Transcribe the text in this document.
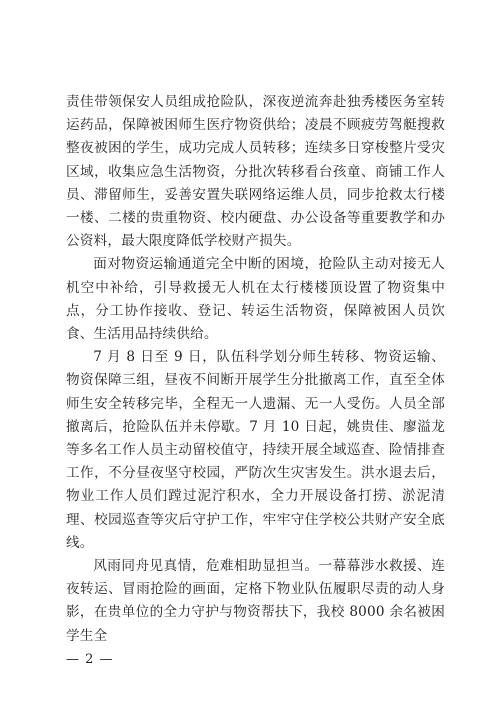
责佳带领保安人员组成抢险队，深夜逆流奔赴独秀楼医务室转运药品，保障被困师生医疗物资供给；凌晨不顾疲劳驾艇搜救整夜被困的学生，成功完成人员转移；连续多日穿梭整片受灾区域，收集应急生活物资，分批次转移看台孩童、商铺工作人员、滞留师生，妥善安置失联网络运维人员，同步抢救太行楼一楼、二楼的贵重物资、校内硬盘、办公设备等重要教学和办公资料，最大限度降低学校财产损失。

面对物资运输通道完全中断的困境，抢险队主动对接无人机空中补给，引导救援无人机在太行楼楼顶设置了物资集中点，分工协作接收、登记、转运生活物资，保障被困人员饮食、生活用品持续供给。

7 月 8 日至 9 日，队伍科学划分师生转移、物资运输、物资保障三组，昼夜不间断开展学生分批撤离工作，直至全体师生安全转移完毕，全程无一人遗漏、无一人受伤。人员全部撤离后，抢险队伍并未停歇。7 月 10 日起，姚贵佳、廖溢龙等多名工作人员主动留校值守，持续开展全域巡查、险情排查工作，不分昼夜坚守校园，严防次生灾害发生。洪水退去后，物业工作人员们蹚过泥泞积水，全力开展设备打捞、淤泥清理、校园巡查等灾后守护工作，牢牢守住学校公共财产安全底线。

风雨同舟见真情，危难相助显担当。一幕幕涉水救援、连夜转运、冒雨抢险的画面，定格下物业队伍履职尽责的动人身影，在贵单位的全力守护与物资帮扶下，我校 8000 余名被困学生全

— 2 —
